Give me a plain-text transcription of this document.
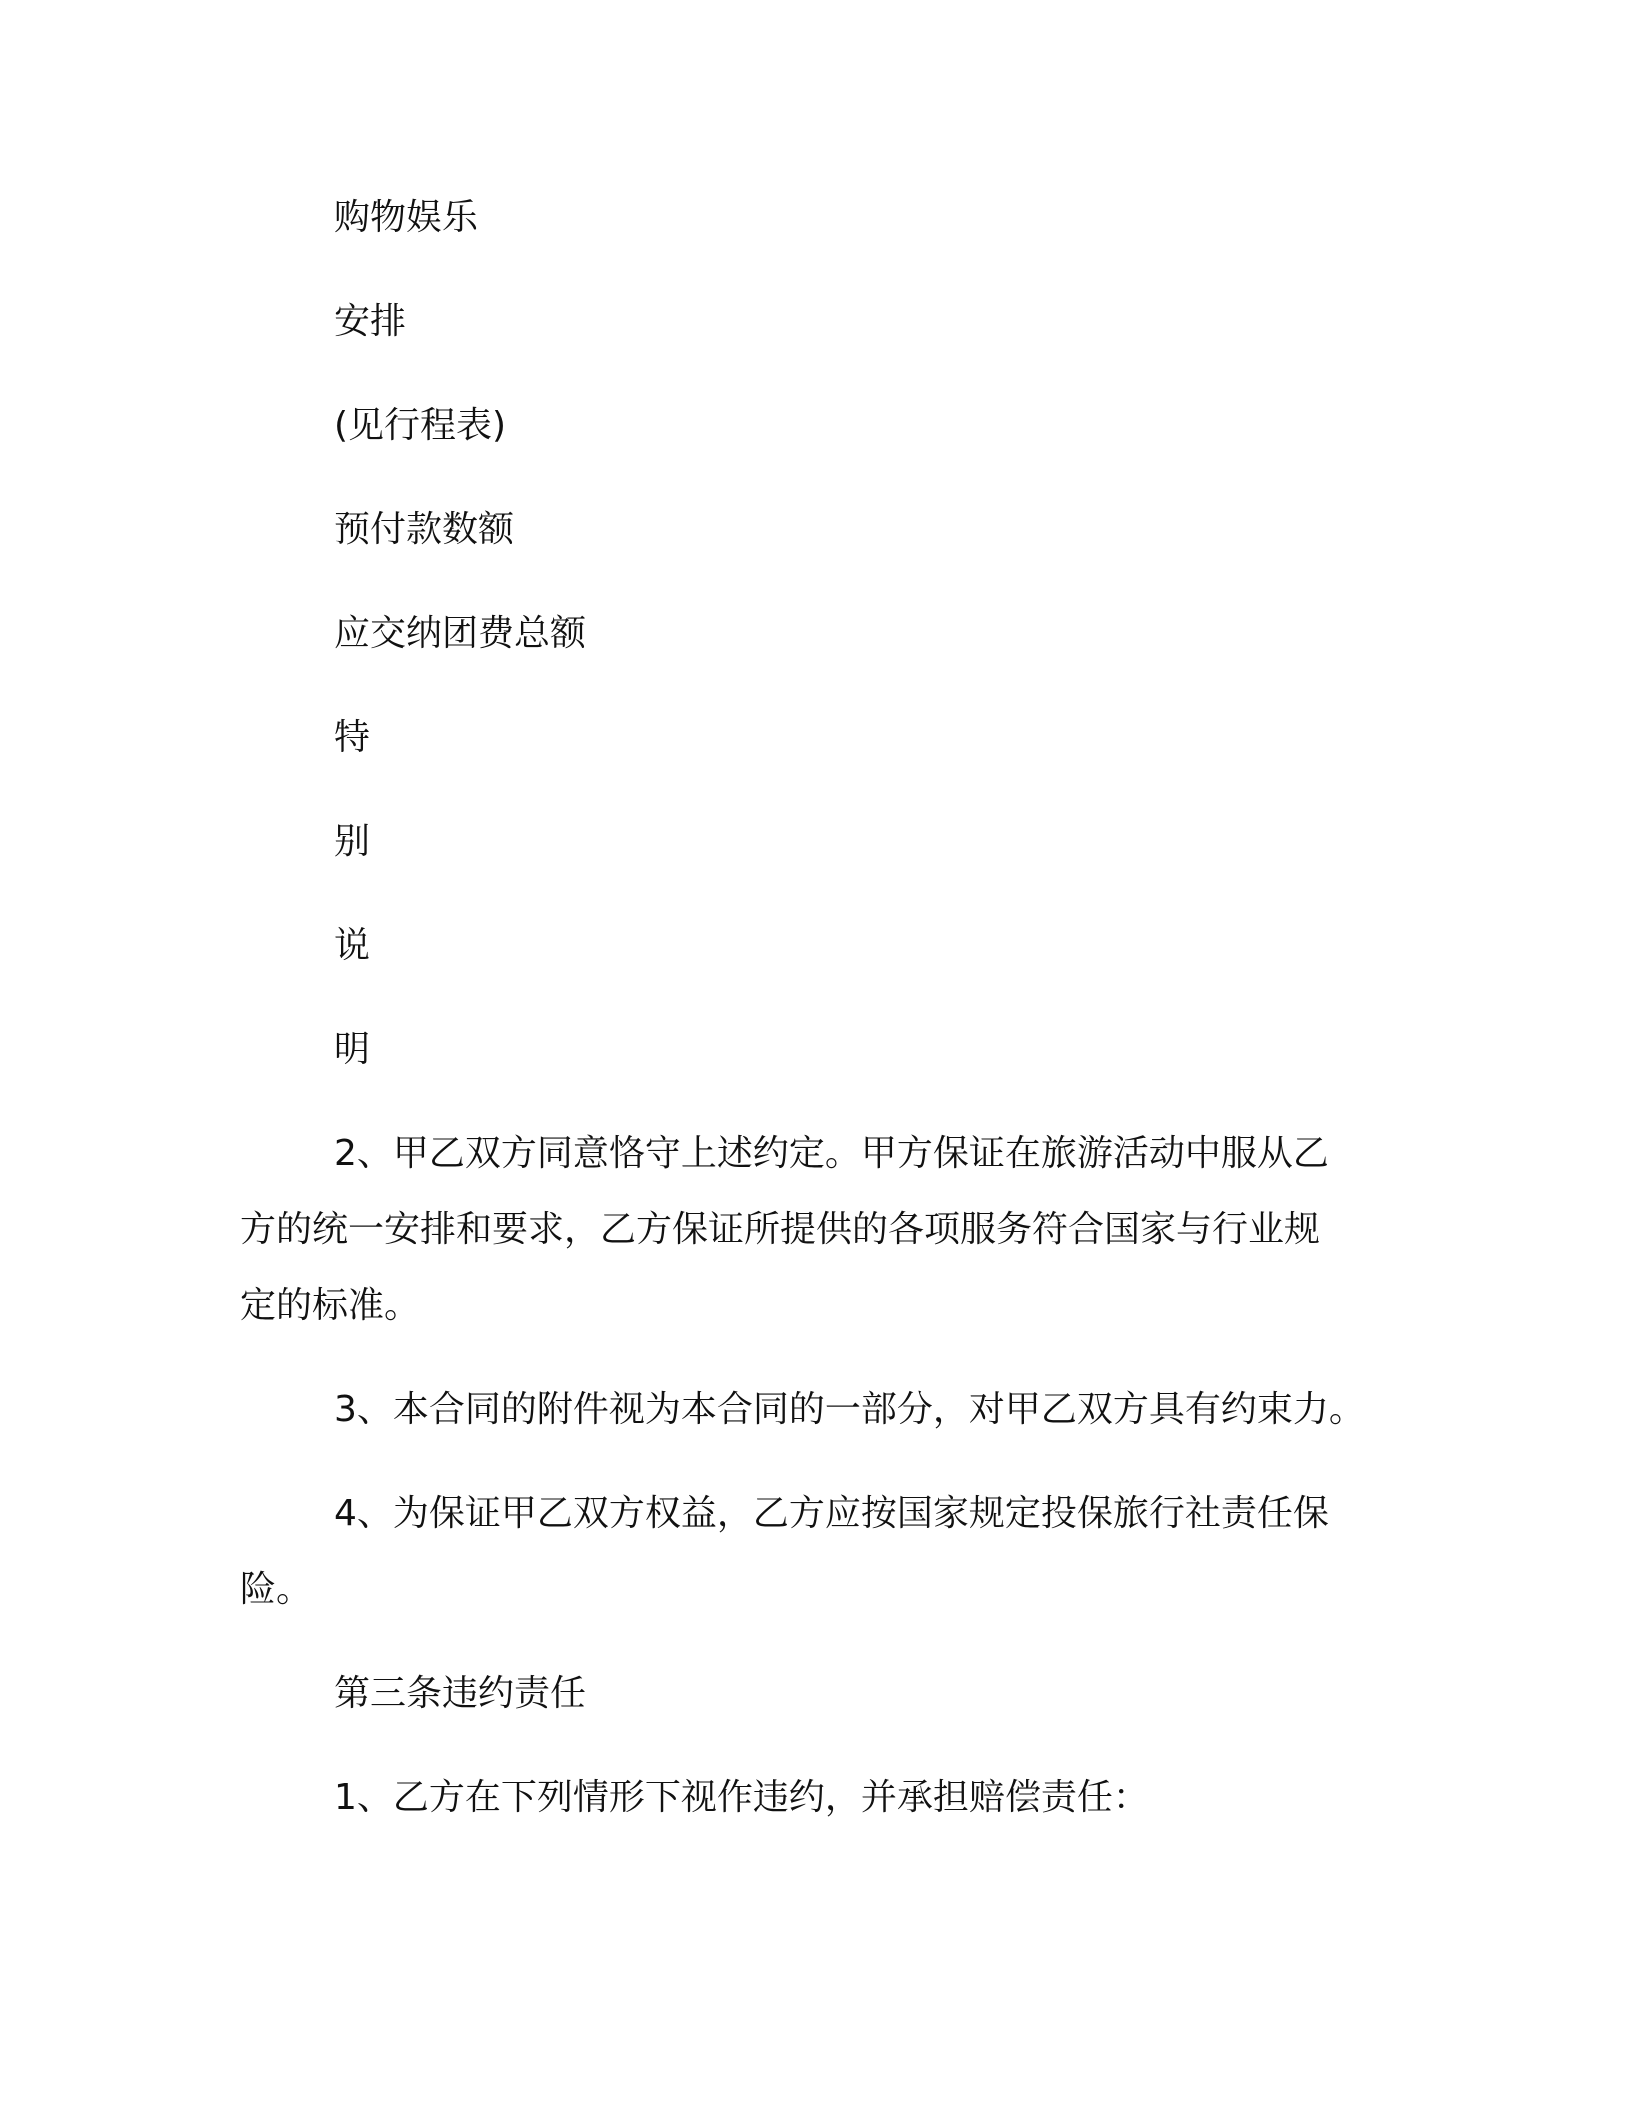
购物娱乐
安排
(见行程表)
预付款数额
应交纳团费总额
特
别
说
明
2、甲乙双方同意恪守上述约定。甲方保证在旅游活动中服从乙
方的统一安排和要求，乙方保证所提供的各项服务符合国家与行业规
定的标准。
3、本合同的附件视为本合同的一部分，对甲乙双方具有约束力。
4、为保证甲乙双方权益，乙方应按国家规定投保旅行社责任保
险。
第三条违约责任
1、乙方在下列情形下视作违约，并承担赔偿责任：
